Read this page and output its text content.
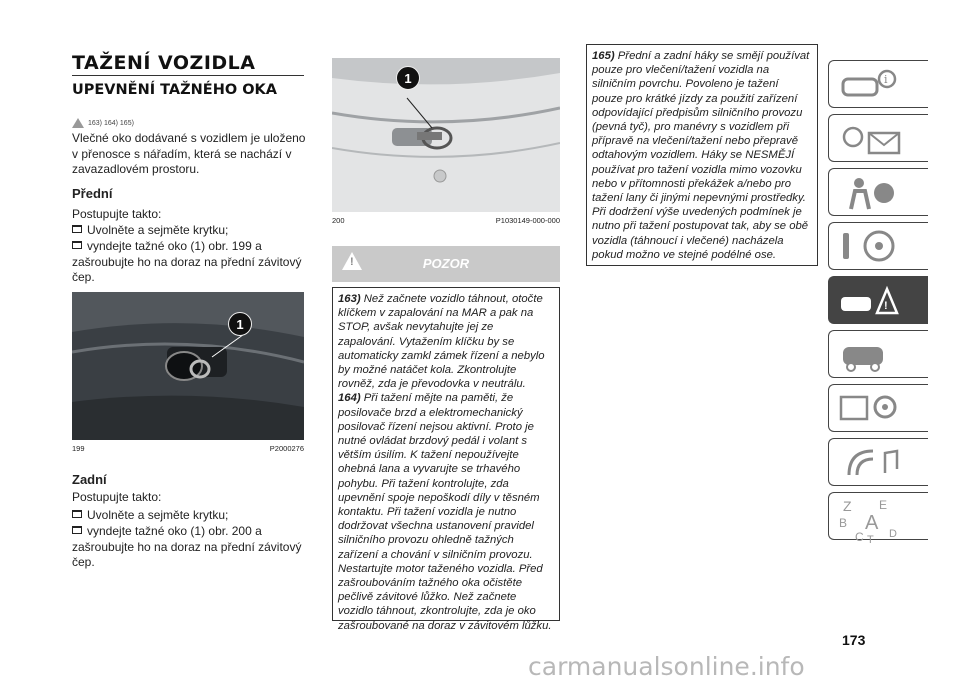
TAŽENÍ VOZIDLA
UPEVNĚNÍ TAŽNÉHO OKA
163) 164) 165)
Vlečné oko dodávané s vozidlem je uloženo v přenosce s nářadím, která se nachází v zavazadlovém prostoru.
Přední
Postupujte takto:
Uvolněte a sejměte krytku;
vyndejte tažné oko (1) obr. 199 a zašroubujte ho na doraz na přední závitový čep.
1
199	P2000276
Zadní
Postupujte takto:
Uvolněte a sejměte krytku;
vyndejte tažné oko (1) obr. 200 a zašroubujte ho na doraz na přední závitový čep.
1
200	P1030149-000-000
!	POZOR
163) Než začnete vozidlo táhnout, otočte klíčkem v zapalování na MAR a pak na STOP, avšak nevytahujte jej ze zapalování. Vytažením klíčku by se automaticky zamkl zámek řízení a nebylo by možné natáčet kola. Zkontrolujte rovněž, zda je převodovka v neutrálu.
164) Při tažení mějte na paměti, že posilovače brzd a elektromechanický posilovač řízení nejsou aktivní. Proto je nutné ovládat brzdový pedál i volant s větším úsilím. K tažení nepoužívejte ohebná lana a vyvarujte se trhavého pohybu. Při tažení kontrolujte, zda upevnění spoje nepoškodí díly v těsném kontaktu. Při tažení vozidla je nutno dodržovat všechna ustanovení pravidel silničního provozu ohledně tažných zařízení a chování v silničním provozu. Nestartujte motor taženého vozidla. Před zašroubováním tažného oka očistěte pečlivě závitové lůžko. Než začnete vozidlo táhnout, zkontrolujte, zda je oko zašroubované na doraz v závitovém lůžku.
165) Přední a zadní háky se smějí používat pouze pro vlečení/tažení vozidla na silničním povrchu. Povoleno je tažení pouze pro krátké jízdy za použití zařízení odpovídající předpisům silničního provozu (pevná tyč), pro manévry s vozidlem při přípravě na vlečení/tažení nebo přepravě odtahovým vozidlem. Háky se NESMĚJÍ používat pro tažení vozidla mimo vozovku nebo v přítomnosti překážek a/nebo pro tažení lany či jinými nepevnými prostředky. Při dodržení výše uvedených podmínek je nutno při tažení postupovat tak, aby se obě vozidla (táhnoucí i vlečené) nacházela pokud možno ve stejné podélné ose.
i
!
Z E
B A
C T D
173
carmanualsonline.info
